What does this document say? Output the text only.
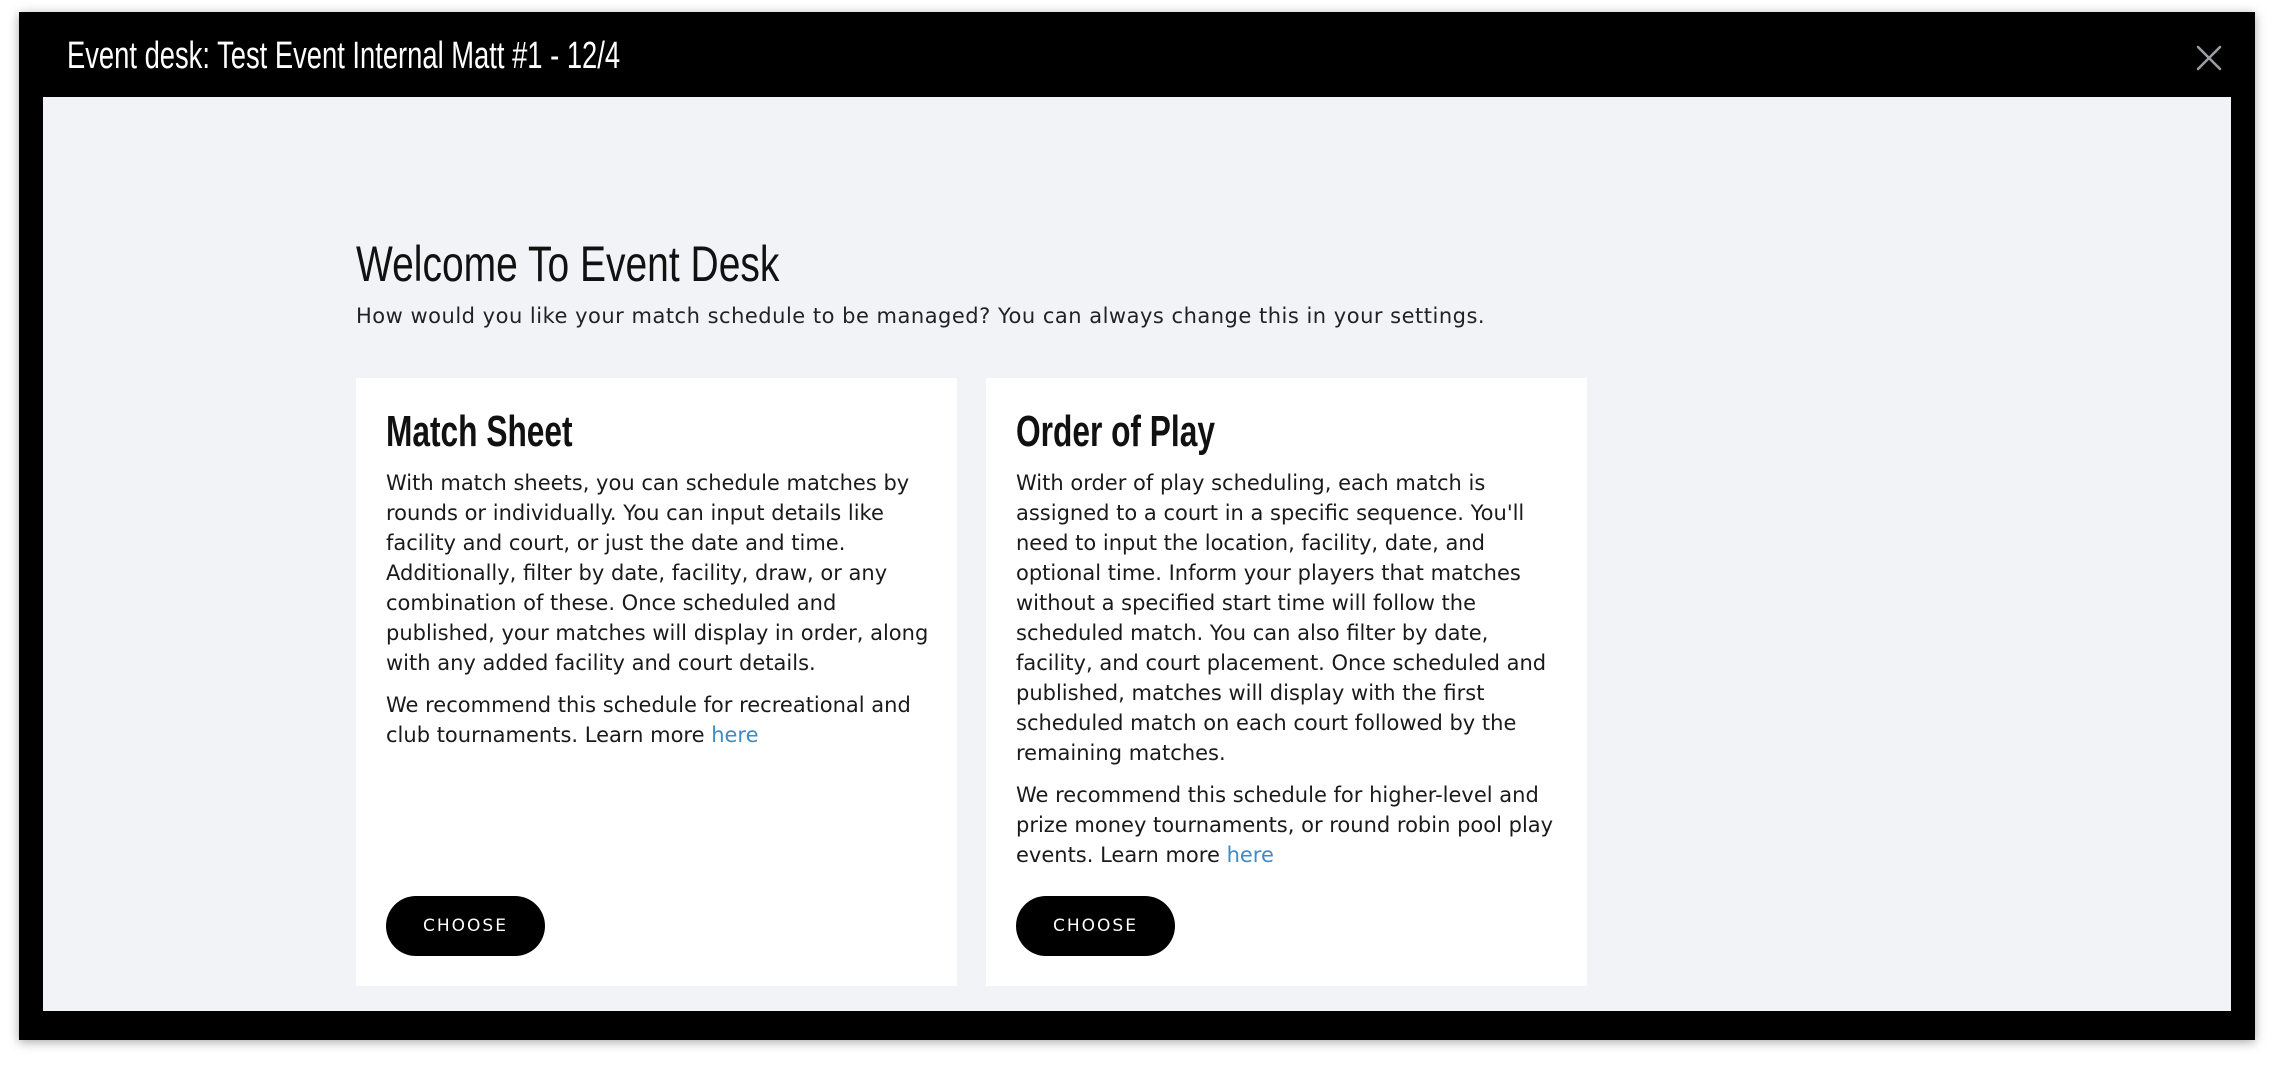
Event desk: Test Event Internal Matt #1 - 12/4
Welcome To Event Desk

How would you like your match schedule to be managed? You can always change this in your settings.

Match Sheet

With match sheets, you can schedule matches by rounds or individually. You can input details like facility and court, or just the date and time. Additionally, filter by date, facility, draw, or any combination of these. Once scheduled and published, your matches will display in order, along with any added facility and court details.

We recommend this schedule for recreational and club tournaments. Learn more here

CHOOSE
Order of Play

With order of play scheduling, each match is assigned to a court in a specific sequence. You'll need to input the location, facility, date, and optional time. Inform your players that matches without a specified start time will follow the scheduled match. You can also filter by date, facility, and court placement. Once scheduled and published, matches will display with the first scheduled match on each court followed by the remaining matches.

We recommend this schedule for higher-level and prize money tournaments, or round robin pool play events. Learn more here

CHOOSE
